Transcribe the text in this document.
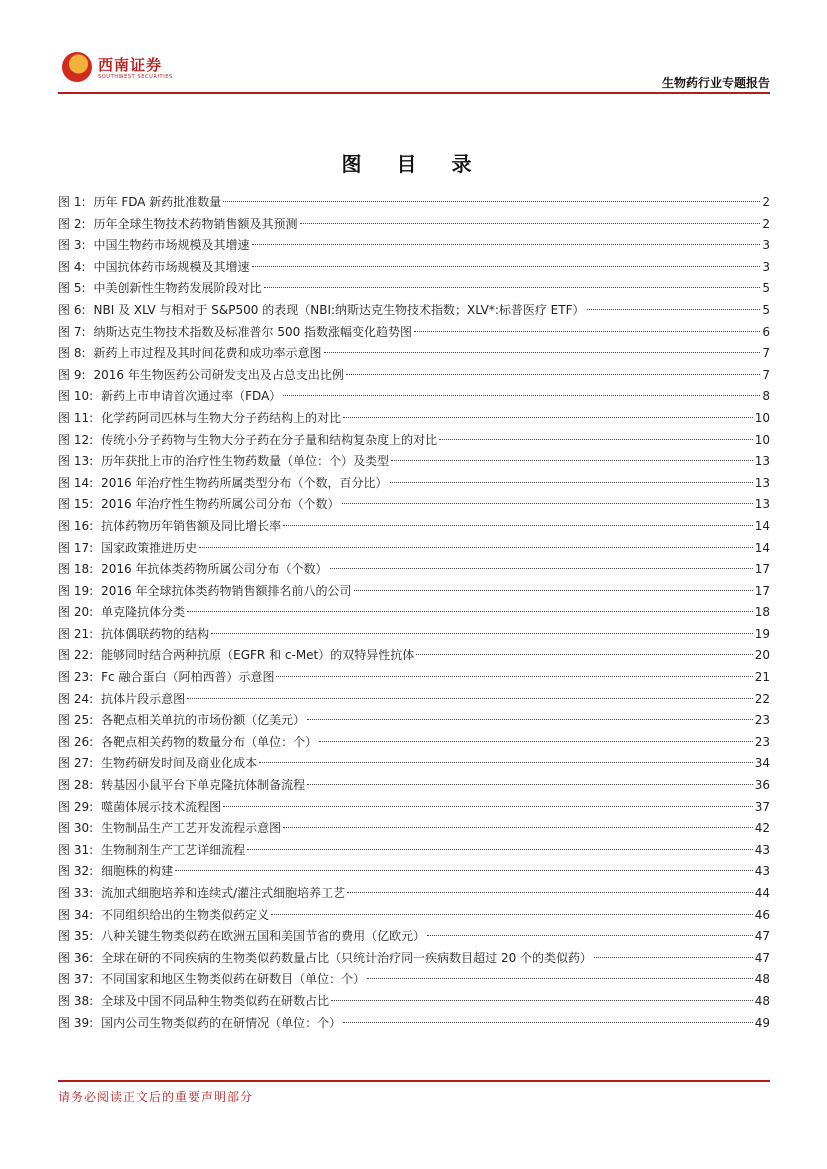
西南证券
SOUTHWEST SECURITIES	生物药行业专题报告
图 目 录
图 1: 历年 FDA 新药批准数量	2
图 2: 历年全球生物技术药物销售额及其预测	2
图 3: 中国生物药市场规模及其增速	3
图 4: 中国抗体药市场规模及其增速	3
图 5: 中美创新性生物药发展阶段对比	5
图 6: NBI 及 XLV 与相对于 S&P500 的表现（NBI:纳斯达克生物技术指数；XLV*:标普医疗 ETF）	5
图 7: 纳斯达克生物技术指数及标准普尔 500 指数涨幅变化趋势图	6
图 8: 新药上市过程及其时间花费和成功率示意图	7
图 9: 2016 年生物医药公司研发支出及占总支出比例	7
图 10: 新药上市申请首次通过率（FDA）	8
图 11: 化学药阿司匹林与生物大分子药结构上的对比	10
图 12: 传统小分子药物与生物大分子药在分子量和结构复杂度上的对比	10
图 13: 历年获批上市的治疗性生物药数量（单位：个）及类型	13
图 14: 2016 年治疗性生物药所属类型分布（个数，百分比）	13
图 15: 2016 年治疗性生物药所属公司分布（个数）	13
图 16: 抗体药物历年销售额及同比增长率	14
图 17: 国家政策推进历史	14
图 18: 2016 年抗体类药物所属公司分布（个数）	17
图 19: 2016 年全球抗体类药物销售额排名前八的公司	17
图 20: 单克隆抗体分类	18
图 21: 抗体偶联药物的结构	19
图 22: 能够同时结合两种抗原（EGFR 和 c-Met）的双特异性抗体	20
图 23: Fc 融合蛋白（阿柏西普）示意图	21
图 24: 抗体片段示意图	22
图 25: 各靶点相关单抗的市场份额（亿美元）	23
图 26: 各靶点相关药物的数量分布（单位：个）	23
图 27: 生物药研发时间及商业化成本	34
图 28: 转基因小鼠平台下单克隆抗体制备流程	36
图 29: 噬菌体展示技术流程图	37
图 30: 生物制品生产工艺开发流程示意图	42
图 31: 生物制剂生产工艺详细流程	43
图 32: 细胞株的构建	43
图 33: 流加式细胞培养和连续式/灌注式细胞培养工艺	44
图 34: 不同组织给出的生物类似药定义	46
图 35: 八种关键生物类似药在欧洲五国和美国节省的费用（亿欧元）	47
图 36: 全球在研的不同疾病的生物类似药数量占比（只统计治疗同一疾病数目超过 20 个的类似药）	47
图 37: 不同国家和地区生物类似药在研数目（单位：个）	48
图 38: 全球及中国不同品种生物类似药在研数占比	48
图 39: 国内公司生物类似药的在研情况（单位：个）	49
请务必阅读正文后的重要声明部分
